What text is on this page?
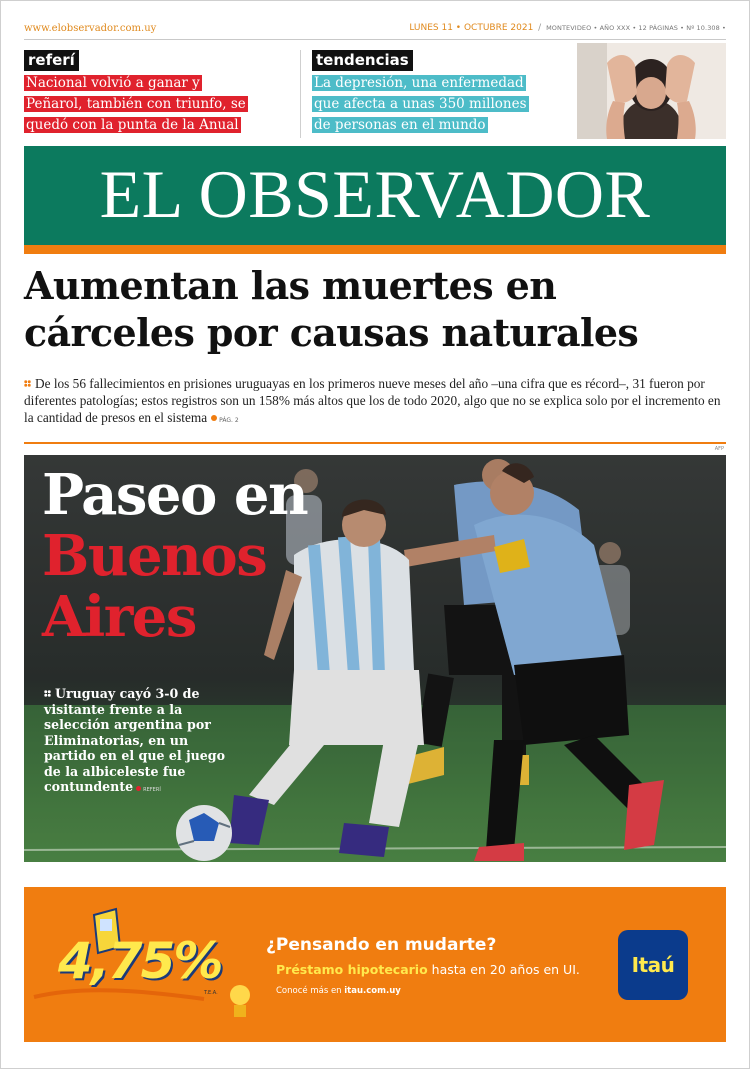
www.elobservador.com.uy	LUNES 11 • OCTUBRE 2021 / MONTEVIDEO • AÑO XXX • 12 PÁGINAS • Nº 10.308 •
referí
Nacional volvió a ganar y
Peñarol, también con triunfo, se
quedó con la punta de la Anual
tendencias
La depresión, una enfermedad
que afecta a unas 350 millones
de personas en el mundo
EL OBSERVADOR
Aumentan las muertes en
cárceles por causas naturales
De los 56 fallecimientos en prisiones uruguayas en los primeros nueve meses del año –una cifra que es récord–, 31 fueron por diferentes patologías; estos registros son un 158% más altos que los de todo 2020, algo que no se explica solo por el incremento en la cantidad de presos en el sistema PÁG. 2
AFP
Paseo en
Buenos
Aires
Uruguay cayó 3-0 de visitante frente a la selección argentina por Eliminatorias, en un partido en el que el juego de la albiceleste fue contundente REFERÍ
4,75%
T.E.A.
¿Pensando en mudarte?
Préstamo hipotecario hasta en 20 años en UI.
Conocé más en itau.com.uy
Itaú
